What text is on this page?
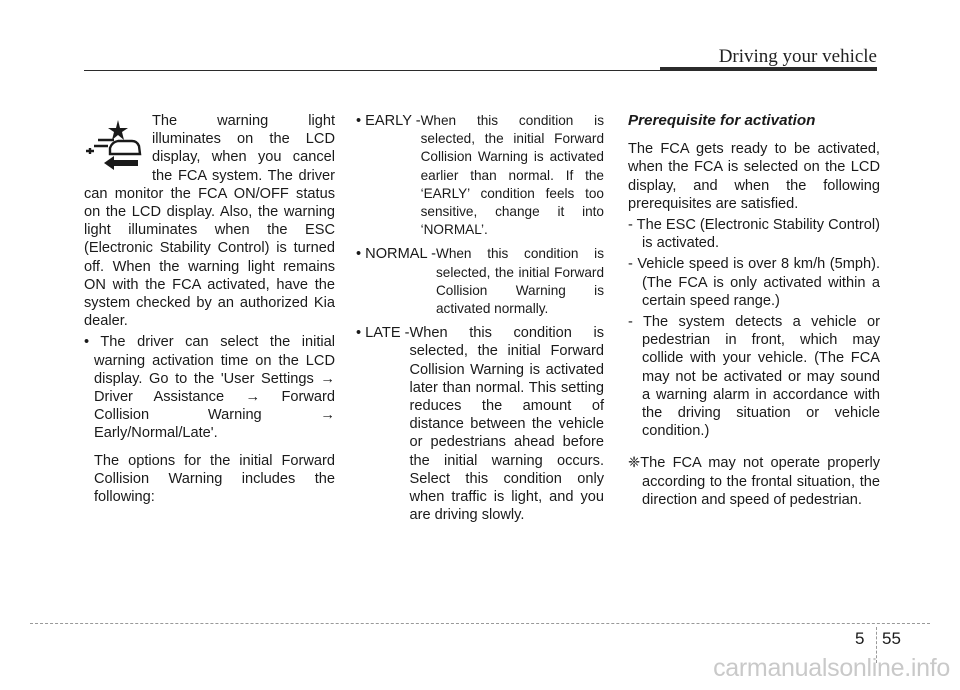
Driving your vehicle

The warning light illuminates on the LCD display, when you cancel the FCA system. The driver can monitor the FCA ON/OFF status on the LCD display. Also, the warning light illuminates when the ESC (Electronic Stability Control) is turned off. When the warning light remains ON with the FCA activated, have the system checked by an authorized Kia dealer.

• The driver can select the initial warning activation time on the LCD display. Go to the 'User Settings → Driver Assistance → Forward Collision Warning → Early/Normal/Late'.

The options for the initial Forward Collision Warning includes the following:

• EARLY - When this condition is selected, the initial Forward Collision Warning is activated earlier than normal. If the ‘EARLY’ condition feels too sensitive, change it into ‘NORMAL’.
• NORMAL - When this condition is selected, the initial Forward Collision Warning is activated normally.
• LATE - When this condition is selected, the initial Forward Collision Warning is activated later than normal. This setting reduces the amount of distance between the vehicle or pedestrians ahead before the initial warning occurs. Select this condition only when traffic is light, and you are driving slowly.

Prerequisite for activation

The FCA gets ready to be activated, when the FCA is selected on the LCD display, and when the following prerequisites are satisfied.

- The ESC (Electronic Stability Control) is activated.

- Vehicle speed is over 8 km/h (5mph). (The FCA is only activated within a certain speed range.)

- The system detects a vehicle or pedestrian in front, which may collide with your vehicle. (The FCA may not be activated or may sound a warning alarm in accordance with the driving situation or vehicle condition.)

❈The FCA may not operate properly according to the frontal situation, the direction and speed of pedestrian.

5 55
carmanualsonline.info
